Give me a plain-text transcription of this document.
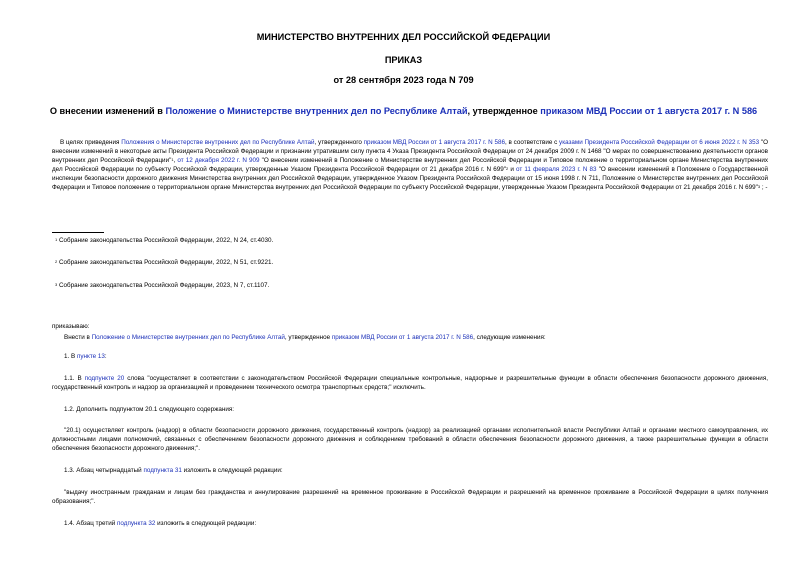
МИНИСТЕРСТВО ВНУТРЕННИХ ДЕЛ РОССИЙСКОЙ ФЕДЕРАЦИИ
ПРИКАЗ
от 28 сентября 2023 года N 709
О внесении изменений в Положение о Министерстве внутренних дел по Республике Алтай, утвержденное приказом МВД России от 1 августа 2017 г. N 586
В целях приведения Положения о Министерстве внутренних дел по Республике Алтай, утвержденного приказом МВД России от 1 августа 2017 г. N 586, в соответствие с указами Президента Российской Федерации от 6 июня 2022 г. N 353 "О внесении изменений в некоторые акты Президента Российской Федерации и признании утратившим силу пункта 4 Указа Президента Российской Федерации от 24 декабря 2009 г. N 1468 "О мерах по совершенствованию деятельности органов внутренних дел Российской Федерации"$^1$, от 12 декабря 2022 г. N 909 "О внесении изменений в Положение о Министерстве внутренних дел Российской Федерации и Типовое положение о территориальном органе Министерства внутренних дел Российской Федерации по субъекту Российской Федерации, утвержденные Указом Президента Российской Федерации от 21 декабря 2016 г. N 699"$^2$ и от 11 февраля 2023 г. N 83 "О внесении изменений в Положение о Государственной инспекции безопасности дорожного движения Министерства внутренних дел Российской Федерации, утвержденное Указом Президента Российской Федерации от 15 июня 1998 г. N 711, Положение о Министерстве внутренних дел Российской Федерации и Типовое положение о территориальном органе Министерства внутренних дел Российской Федерации по субъекту Российской Федерации, утвержденные Указом Президента Российской Федерации от 21 декабря 2016 г. N 699"$^3$ ; -
$^1$ Собрание законодательства Российской Федерации, 2022, N 24, ст.4030.
$^2$ Собрание законодательства Российской Федерации, 2022, N 51, ст.9221.
$^3$ Собрание законодательства Российской Федерации, 2023, N 7, ст.1107.
приказываю:
Внести в Положение о Министерстве внутренних дел по Республике Алтай, утвержденное приказом МВД России от 1 августа 2017 г. N 586, следующие изменения:
1. В пункте 13:
1.1. В подпункте 20 слова "осуществляет в соответствии с законодательством Российской Федерации специальные контрольные, надзорные и разрешительные функции в области обеспечения безопасности дорожного движения, государственный контроль и надзор за организацией и проведением технического осмотра транспортных средств;" исключить.
1.2. Дополнить подпунктом 20.1 следующего содержания:
"20.1) осуществляет контроль (надзор) в области безопасности дорожного движения, государственный контроль (надзор) за реализацией органами исполнительной власти Республики Алтай и органами местного самоуправления, их должностными лицами полномочий, связанных с обеспечением безопасности дорожного движения и соблюдением требований в области обеспечения безопасности дорожного движения, а также разрешительные функции в области обеспечения безопасности дорожного движения;".
1.3. Абзац четырнадцатый подпункта 31 изложить в следующей редакции:
"выдачу иностранным гражданам и лицам без гражданства и аннулирование разрешений на временное проживание в Российской Федерации и разрешений на временное проживание в Российской Федерации в целях получения образования;".
1.4. Абзац третий подпункта 32 изложить в следующей редакции:
